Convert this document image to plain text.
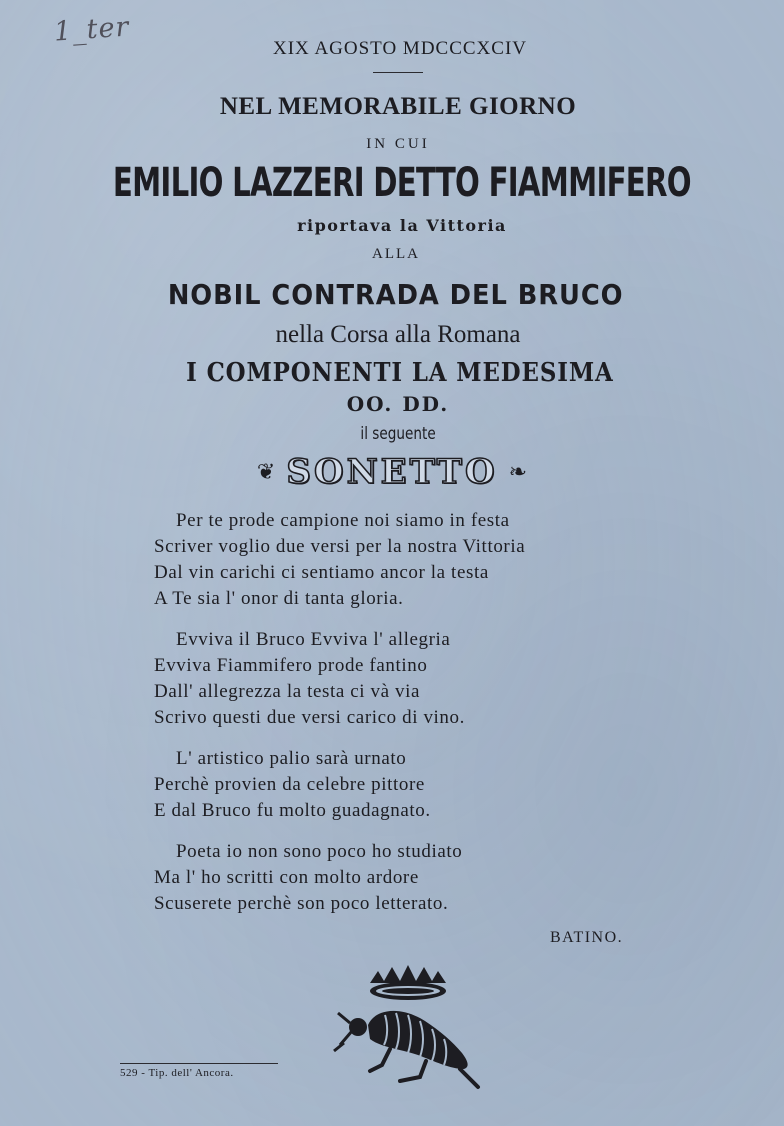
1_ter
XIX AGOSTO MDCCCXCIV
NEL MEMORABILE GIORNO
IN CUI
EMILIO LAZZERI DETTO FIAMMIFERO
riportava la Vittoria
ALLA
NOBIL CONTRADA DEL BRUCO
nella Corsa alla Romana
I COMPONENTI LA MEDESIMA
OO. DD.
il seguente
❦ SONETTO ❧
Per te prode campione noi siamo in festa
Scriver voglio due versi per la nostra Vittoria
Dal vin carichi ci sentiamo ancor la testa
A Te sia l' onor di tanta gloria.
Evviva il Bruco Evviva l' allegria
Evviva Fiammifero prode fantino
Dall' allegrezza la testa ci và via
Scrivo questi due versi carico di vino.
L' artistico palio sarà urnato
Perchè provien da celebre pittore
E dal Bruco fu molto guadagnato.
Poeta io non sono poco ho studiato
Ma l' ho scritti con molto ardore
Scuserete perchè son poco letterato.
BATINO.
529 - Tip. dell' Ancora.
